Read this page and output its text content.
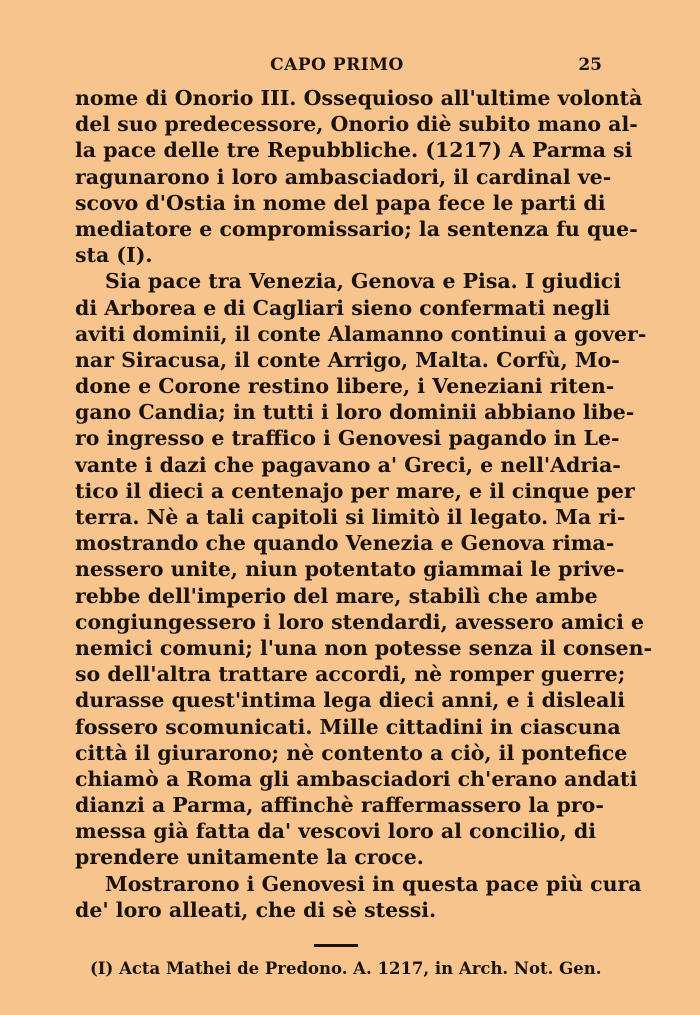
CAPO PRIMO	25
nome di Onorio III. Ossequioso all'ultime volontà
del suo predecessore, Onorio diè subito mano al-
la pace delle tre Repubbliche. (1217) A Parma si
ragunarono i loro ambasciadori, il cardinal ve-
scovo d'Ostia in nome del papa fece le parti di
mediatore e compromissario; la sentenza fu que-
sta (I).
Sia pace tra Venezia, Genova e Pisa. I giudici
di Arborea e di Cagliari sieno confermati negli
aviti dominii, il conte Alamanno continui a gover-
nar Siracusa, il conte Arrigo, Malta. Corfù, Mo-
done e Corone restino libere, i Veneziani riten-
gano Candia; in tutti i loro dominii abbiano libe-
ro ingresso e traffico i Genovesi pagando in Le-
vante i dazi che pagavano a' Greci, e nell'Adria-
tico il dieci a centenajo per mare, e il cinque per
terra. Nè a tali capitoli si limitò il legato. Ma ri-
mostrando che quando Venezia e Genova rima-
nessero unite, niun potentato giammai le prive-
rebbe dell'imperio del mare, stabilì che ambe
congiungessero i loro stendardi, avessero amici e
nemici comuni; l'una non potesse senza il consen-
so dell'altra trattare accordi, nè romper guerre;
durasse quest'intima lega dieci anni, e i disleali
fossero scomunicati. Mille cittadini in ciascuna
città il giurarono; nè contento a ciò, il pontefice
chiamò a Roma gli ambasciadori ch'erano andati
dianzi a Parma, affinchè raffermassero la pro-
messa già fatta da' vescovi loro al concilio, di
prendere unitamente la croce.
Mostrarono i Genovesi in questa pace più cura
de' loro alleati, che di sè stessi.
(I) Acta Mathei de Predono. A. 1217, in Arch. Not. Gen.
